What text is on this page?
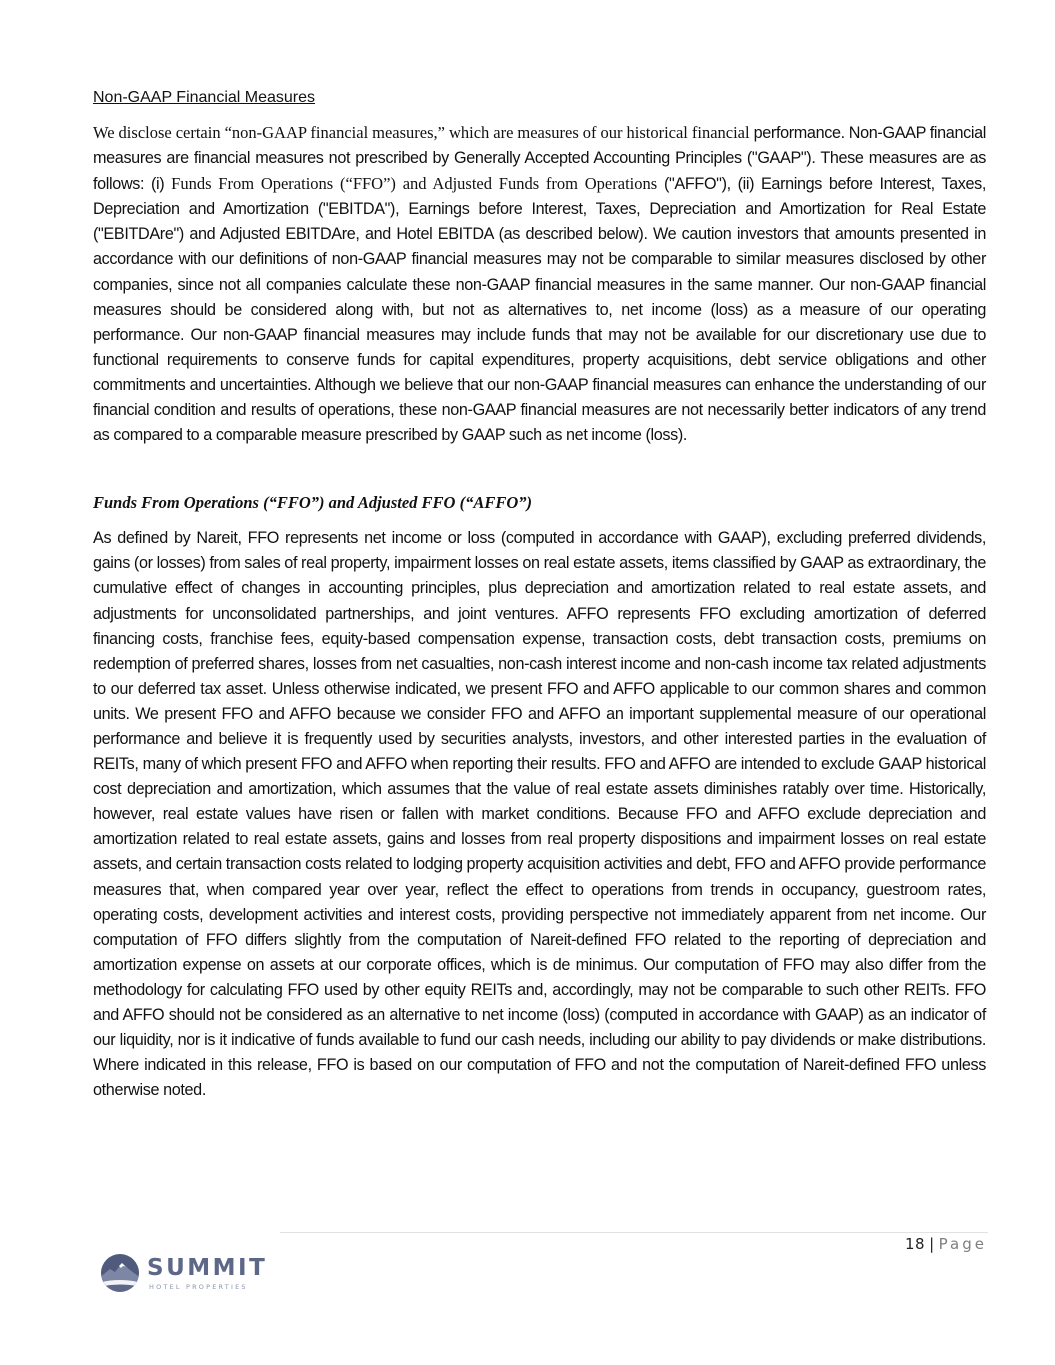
Non-GAAP Financial Measures

We disclose certain “non-GAAP financial measures,” which are measures of our historical financial performance. Non-GAAP financial measures are financial measures not prescribed by Generally Accepted Accounting Principles ("GAAP"). These measures are as follows: (i) Funds From Operations (“FFO”) and Adjusted Funds from Operations ("AFFO"), (ii) Earnings before Interest, Taxes, Depreciation and Amortization ("EBITDA"), Earnings before Interest, Taxes, Depreciation and Amortization for Real Estate ("EBITDAre") and Adjusted EBITDAre, and Hotel EBITDA (as described below). We caution investors that amounts presented in accordance with our definitions of non-GAAP financial measures may not be comparable to similar measures disclosed by other companies, since not all companies calculate these non-GAAP financial measures in the same manner. Our non-GAAP financial measures should be considered along with, but not as alternatives to, net income (loss) as a measure of our operating performance. Our non-GAAP financial measures may include funds that may not be available for our discretionary use due to functional requirements to conserve funds for capital expenditures, property acquisitions, debt service obligations and other commitments and uncertainties. Although we believe that our non-GAAP financial measures can enhance the understanding of our financial condition and results of operations, these non-GAAP financial measures are not necessarily better indicators of any trend as compared to a comparable measure prescribed by GAAP such as net income (loss).

Funds From Operations (“FFO”) and Adjusted FFO (“AFFO”)

As defined by Nareit, FFO represents net income or loss (computed in accordance with GAAP), excluding preferred dividends, gains (or losses) from sales of real property, impairment losses on real estate assets, items classified by GAAP as extraordinary, the cumulative effect of changes in accounting principles, plus depreciation and amortization related to real estate assets, and adjustments for unconsolidated partnerships, and joint ventures. AFFO represents FFO excluding amortization of deferred financing costs, franchise fees, equity-based compensation expense, transaction costs, debt transaction costs, premiums on redemption of preferred shares, losses from net casualties, non-cash interest income and non-cash income tax related adjustments to our deferred tax asset. Unless otherwise indicated, we present FFO and AFFO applicable to our common shares and common units. We present FFO and AFFO because we consider FFO and AFFO an important supplemental measure of our operational performance and believe it is frequently used by securities analysts, investors, and other interested parties in the evaluation of REITs, many of which present FFO and AFFO when reporting their results. FFO and AFFO are intended to exclude GAAP historical cost depreciation and amortization, which assumes that the value of real estate assets diminishes ratably over time. Historically, however, real estate values have risen or fallen with market conditions. Because FFO and AFFO exclude depreciation and amortization related to real estate assets, gains and losses from real property dispositions and impairment losses on real estate assets, and certain transaction costs related to lodging property acquisition activities and debt, FFO and AFFO provide performance measures that, when compared year over year, reflect the effect to operations from trends in occupancy, guestroom rates, operating costs, development activities and interest costs, providing perspective not immediately apparent from net income. Our computation of FFO differs slightly from the computation of Nareit-defined FFO related to the reporting of depreciation and amortization expense on assets at our corporate offices, which is de minimus. Our computation of FFO may also differ from the methodology for calculating FFO used by other equity REITs and, accordingly, may not be comparable to such other REITs. FFO and AFFO should not be considered as an alternative to net income (loss) (computed in accordance with GAAP) as an indicator of our liquidity, nor is it indicative of funds available to fund our cash needs, including our ability to pay dividends or make distributions. Where indicated in this release, FFO is based on our computation of FFO and not the computation of Nareit-defined FFO unless otherwise noted.

18 | Page
SUMMIT
HOTEL PROPERTIES
